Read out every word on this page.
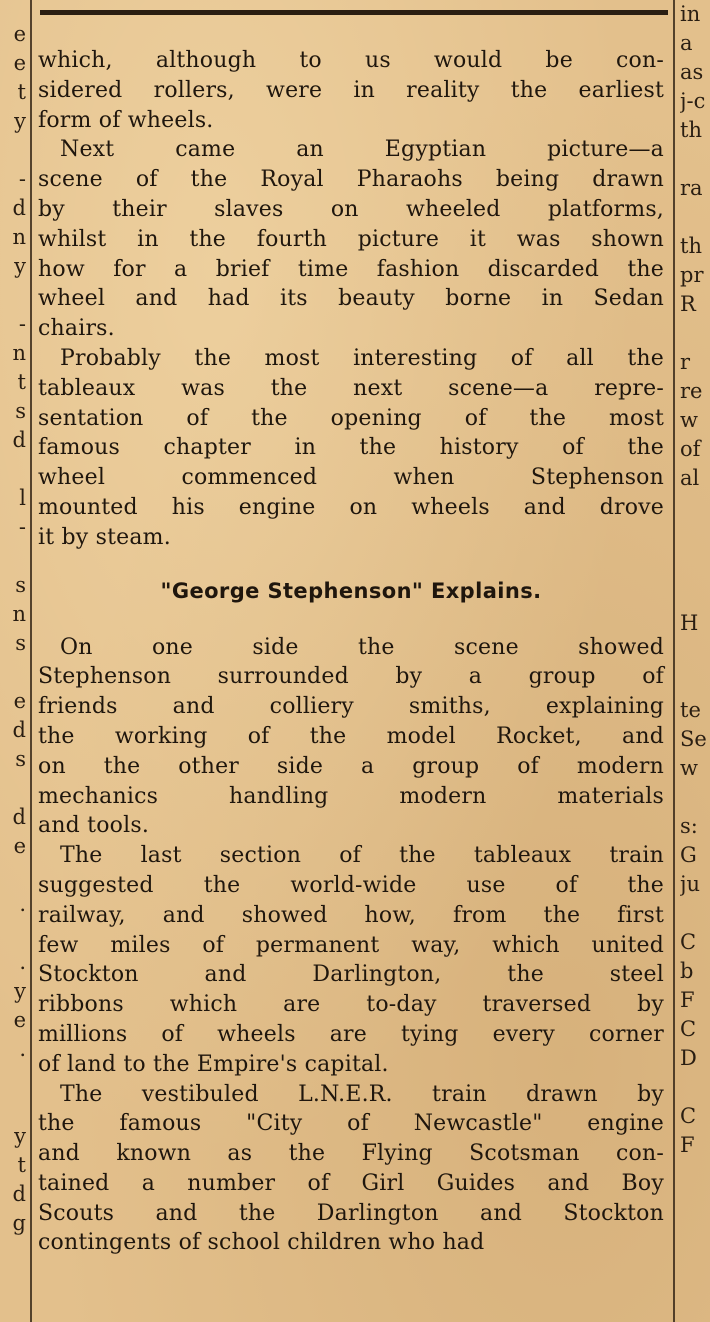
e
e
t
y

-
d
n
y

-
n
t
s
d

l
-

s
n
s

e
d
s

d
e

.

.
y
e
.

y
t
d
g
in
a
as
j-c
th

ra

th
pr
R

r
re
w
of
al

H

te
Se
w

s:
G
ju

C
b
F
C
D

C
F

which, although to us would be con-
sidered rollers, were in reality the earliest
form of wheels.

Next came an Egyptian picture—a
scene of the Royal Pharaohs being drawn
by their slaves on wheeled platforms,
whilst in the fourth picture it was shown
how for a brief time fashion discarded the
wheel and had its beauty borne in Sedan
chairs.

Probably the most interesting of all the
tableaux was the next scene—a repre-
sentation of the opening of the most
famous chapter in the history of the
wheel commenced when Stephenson
mounted his engine on wheels and drove
it by steam.

"George Stephenson" Explains.

On one side the scene showed
Stephenson surrounded by a group of
friends and colliery smiths, explaining
the working of the model Rocket, and
on the other side a group of modern
mechanics handling modern materials
and tools.

The last section of the tableaux train
suggested the world-wide use of the
railway, and showed how, from the first
few miles of permanent way, which united
Stockton and Darlington, the steel
ribbons which are to-day traversed by
millions of wheels are tying every corner
of land to the Empire's capital.

The vestibuled L.N.E.R. train drawn by
the famous "City of Newcastle" engine
and known as the Flying Scotsman con-
tained a number of Girl Guides and Boy
Scouts and the Darlington and Stockton
contingents of school children who had
